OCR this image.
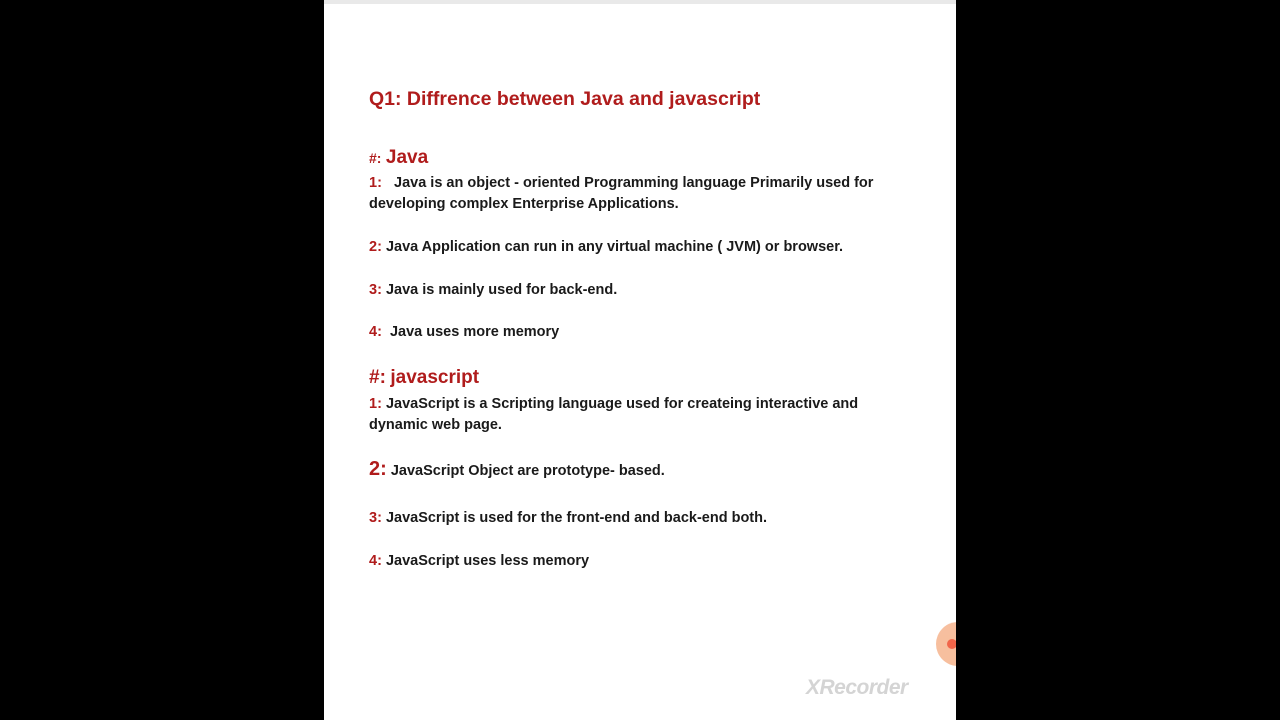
Q1: Diffrence between Java and javascript
#: Java
1: Java is an object - oriented Programming language Primarily used for developing complex Enterprise Applications.
2: Java Application can run in any virtual machine ( JVM) or browser.
3: Java is mainly used for back-end.
4: Java uses more memory
#: javascript
1: JavaScript is a Scripting language used for createing interactive and dynamic web page.
2: JavaScript Object are prototype- based.
3: JavaScript is used for the front-end and back-end both.
4: JavaScript uses less memory
XRecorder
